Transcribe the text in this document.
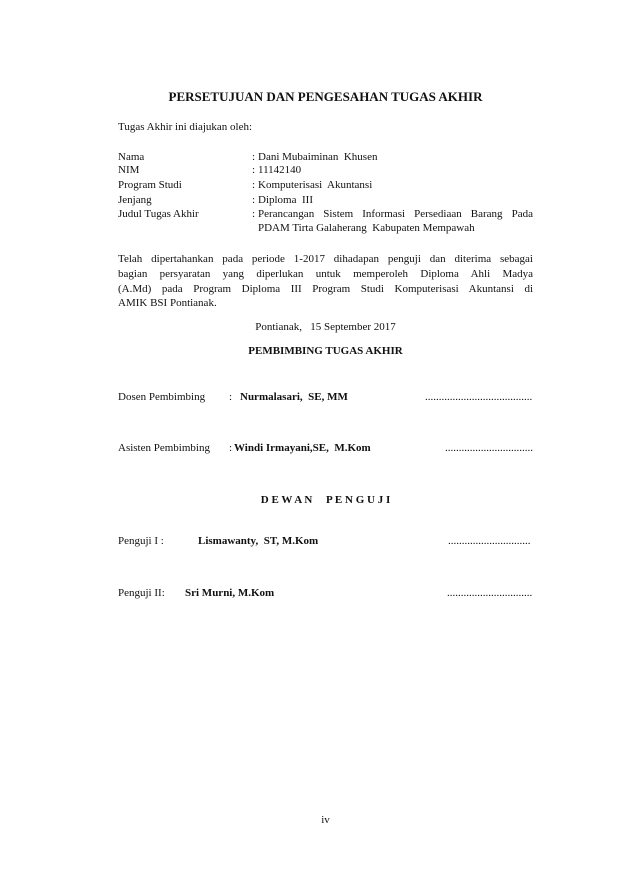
PERSETUJUAN DAN PENGESAHAN TUGAS AKHIR
Tugas Akhir ini diajukan oleh:
Nama	: Dani Mubaiminan  Khusen
NIM	: 11142140
Program Studi	: Komputerisasi  Akuntansi
Jenjang	: Diploma  III
Judul Tugas Akhir	: Perancangan Sistem Informasi Persediaan Barang Pada
PDAM Tirta Galaherang  Kabupaten Mempawah
Telah dipertahankan pada periode 1-2017 dihadapan penguji dan diterima sebagai
bagian persyaratan yang diperlukan untuk memperoleh Diploma Ahli Madya
(A.Md) pada Program Diploma III Program Studi Komputerisasi Akuntansi di
AMIK BSI Pontianak.
Pontianak,   15 September 2017
PEMBIMBING TUGAS AKHIR
Dosen Pembimbing : Nurmalasari,  SE, MM	.......................................
Asisten Pembimbing : Windi Irmayani,SE,  M.Kom	................................
D E W A N     P E N G U J I
Penguji I :	Lismawanty,  ST, M.Kom	..............................
Penguji II: Sri Murni, M.Kom	...............................
iv
